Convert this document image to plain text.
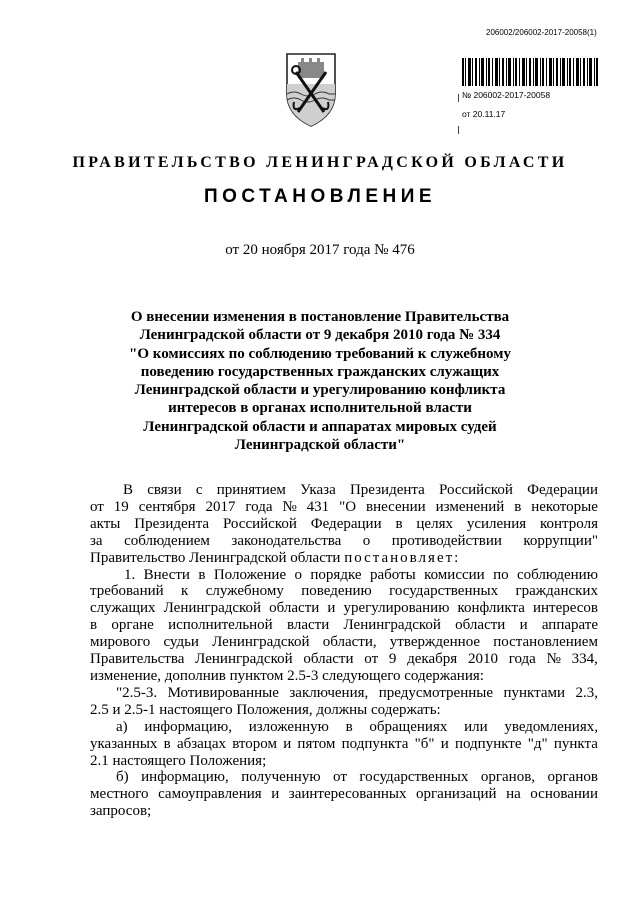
206002/206002-2017-20058(1)
№ 206002-2017-20058
от 20.11.17
ПРАВИТЕЛЬСТВО ЛЕНИНГРАДСКОЙ ОБЛАСТИ
ПОСТАНОВЛЕНИЕ
от 20 ноября 2017 года № 476
О внесении изменения в постановление Правительства
Ленинградской области от 9 декабря 2010 года № 334
"О комиссиях по соблюдению требований к служебному
поведению государственных гражданских служащих
Ленинградской области и урегулированию конфликта
интересов в органах исполнительной власти
Ленинградской области и аппаратах мировых судей
Ленинградской области"
В связи с принятием Указа Президента Российской Федерации
от 19 сентября 2017 года № 431 "О внесении изменений в некоторые
акты Президента Российской Федерации в целях усиления контроля
за соблюдением законодательства о противодействии коррупции"
Правительство Ленинградской области постановляет:
1. Внести в Положение о порядке работы комиссии по соблюдению
требований к служебному поведению государственных гражданских
служащих Ленинградской области и урегулированию конфликта интересов
в органе исполнительной власти Ленинградской области и аппарате
мирового судьи Ленинградской области, утвержденное постановлением
Правительства Ленинградской области от 9 декабря 2010 года № 334,
изменение, дополнив пунктом 2.5-3 следующего содержания:
"2.5-3. Мотивированные заключения, предусмотренные пунктами 2.3,
2.5 и 2.5-1 настоящего Положения, должны содержать:
а) информацию, изложенную в обращениях или уведомлениях,
указанных в абзацах втором и пятом подпункта "б" и подпункте "д" пункта
2.1 настоящего Положения;
б) информацию, полученную от государственных органов, органов
местного самоуправления и заинтересованных организаций на основании
запросов;
